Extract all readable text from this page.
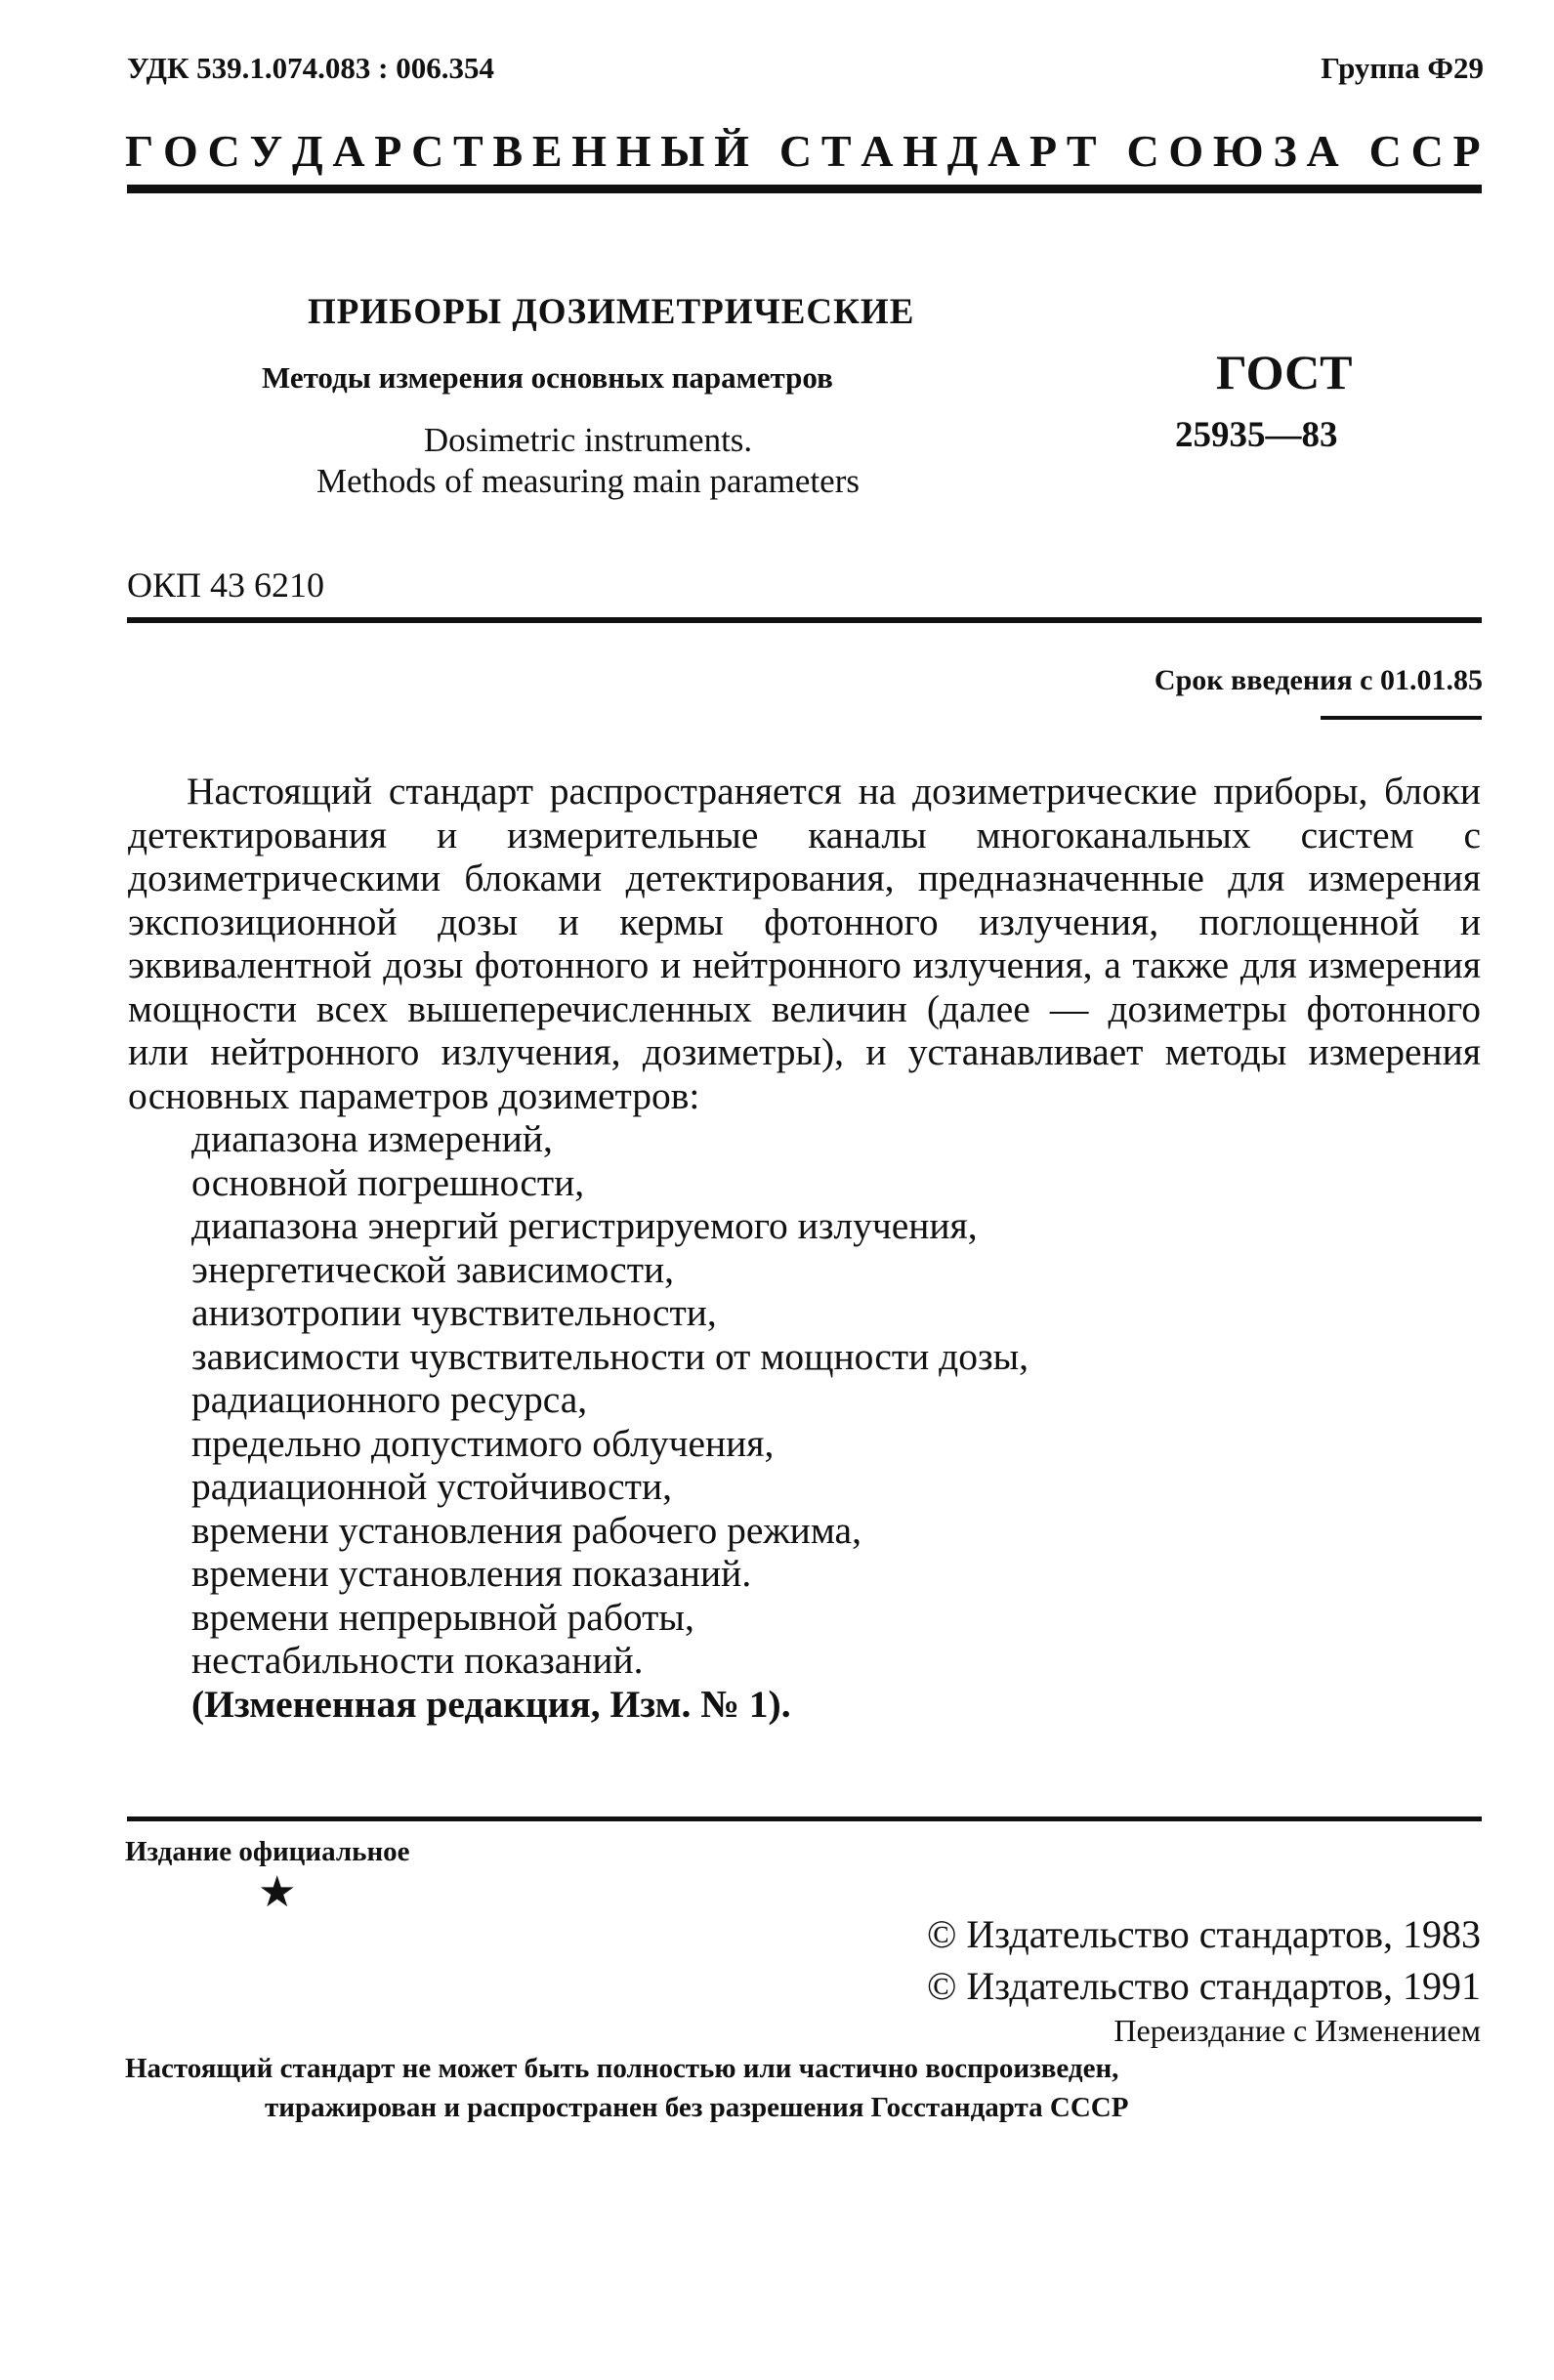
УДК 539.1.074.083 : 006.354	Группа Ф29
Г О С У Д А Р С Т В Е Н Н Ы Й
С Т А Н Д А Р Т
С О Ю З А
С С Р
ПРИБОРЫ ДОЗИМЕТРИЧЕСКИЕ
Методы измерения основных параметров
Dosimetric instruments.
Methods of measuring main parameters
ГОСТ
25935—83
ОКП 43 6210
Срок введения с 01.01.85
Настоящий стандарт распространяется на дозиметрические приборы, блоки детектирования и измерительные каналы многоканальных систем с дозиметрическими блоками детектирования, предназначенные для измерения экспозиционной дозы и кермы фотонного излучения, поглощенной и эквивалентной дозы фотонного и нейтронного излучения, а также для измерения мощности всех вышеперечисленных величин (далее — дозиметры фотонного или нейтронного излучения, дозиметры), и устанавливает методы измерения основных параметров дозиметров:
диапазона измерений,
основной погрешности,
диапазона энергий регистрируемого излучения,
энергетической зависимости,
анизотропии чувствительности,
зависимости чувствительности от мощности дозы,
радиационного ресурса,
предельно допустимого облучения,
радиационной устойчивости,
времени установления рабочего режима,
времени установления показаний.
времени непрерывной работы,
нестабильности показаний.
(Измененная редакция, Изм. № 1).
Издание официальное
★
© Издательство стандартов, 1983
© Издательство стандартов, 1991
Переиздание с Изменением
Настоящий стандарт не может быть полностью или частично воспроизведен,
тиражирован и распространен без разрешения Госстандарта СССР
